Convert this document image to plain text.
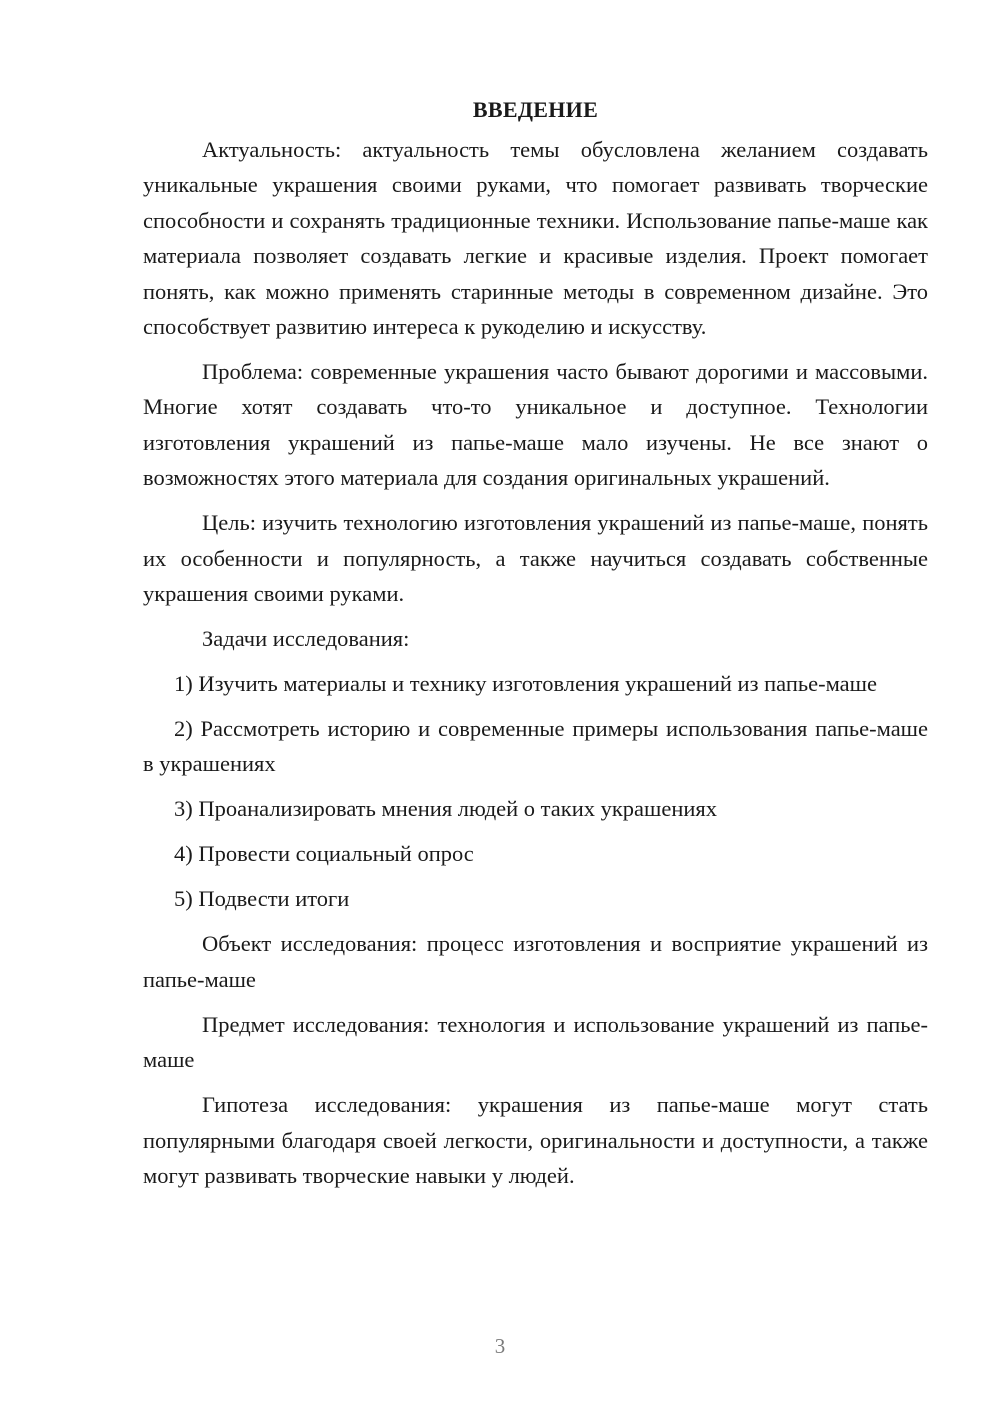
ВВЕДЕНИЕ

Актуальность: актуальность темы обусловлена желанием создавать уникальные украшения своими руками, что помогает развивать творческие способности и сохранять традиционные техники. Использование папье-маше как материала позволяет создавать легкие и красивые изделия. Проект помогает понять, как можно применять старинные методы в современном дизайне. Это способствует развитию интереса к рукоделию и искусству.

Проблема: современные украшения часто бывают дорогими и массовыми. Многие хотят создавать что-то уникальное и доступное. Технологии изготовления украшений из папье-маше мало изучены. Не все знают о возможностях этого материала для создания оригинальных украшений.

Цель: изучить технологию изготовления украшений из папье-маше, понять их особенности и популярность, а также научиться создавать собственные украшения своими руками.

Задачи исследования:

1) Изучить материалы и технику изготовления украшений из папье-маше

2) Рассмотреть историю и современные примеры использования папье-маше в украшениях

3) Проанализировать мнения людей о таких украшениях

4) Провести социальный опрос

5) Подвести итоги

Объект исследования: процесс изготовления и восприятие украшений из папье-маше

Предмет исследования: технология и использование украшений из папье-маше

Гипотеза исследования: украшения из папье-маше могут стать популярными благодаря своей легкости, оригинальности и доступности, а также могут развивать творческие навыки у людей.

3
